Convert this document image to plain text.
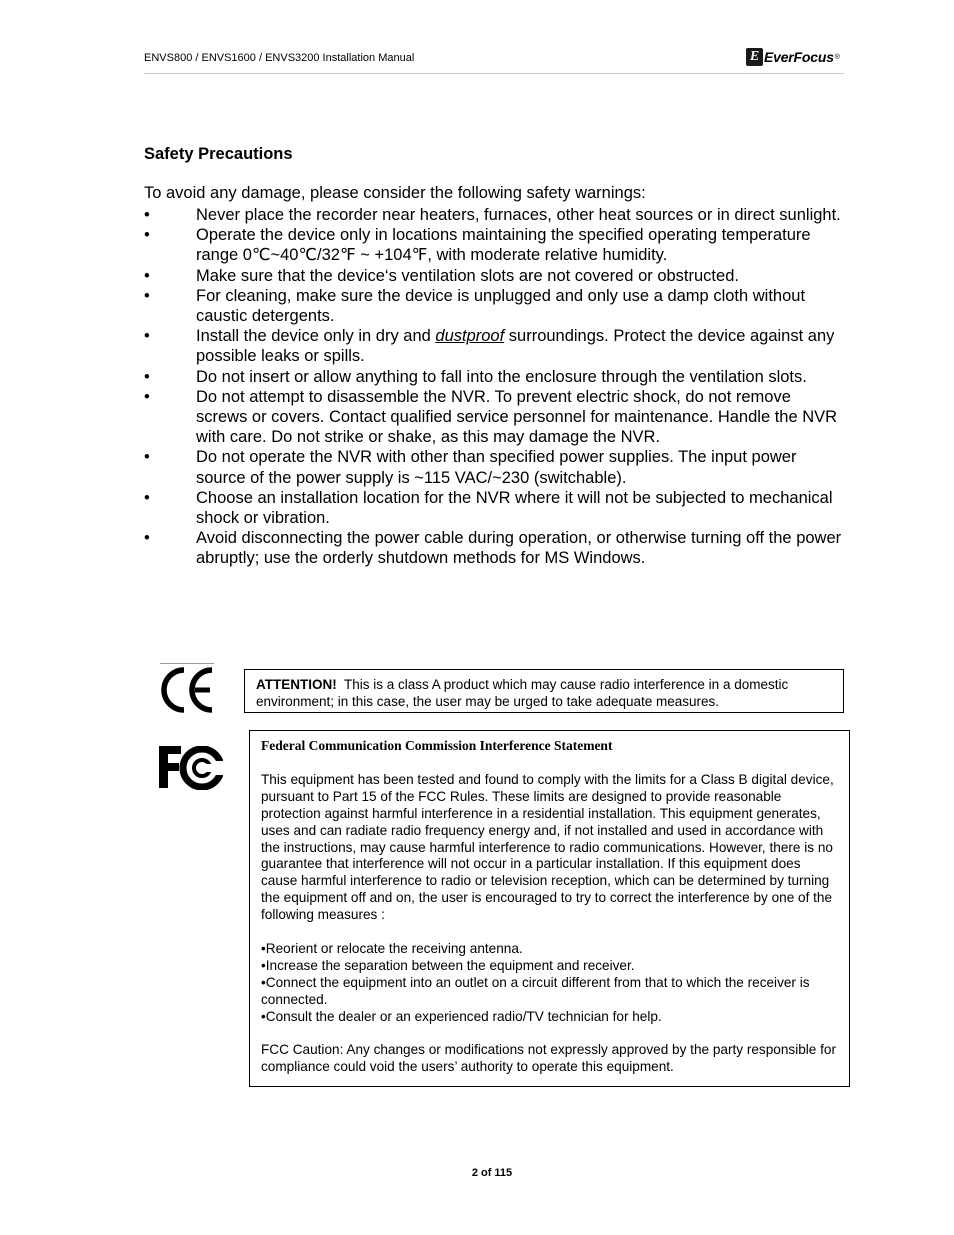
ENVS800 / ENVS1600 / ENVS3200 Installation Manual	E EverFocus ®
Safety Precautions
To avoid any damage, please consider the following safety warnings:
•	Never place the recorder near heaters, furnaces, other heat sources or in direct sunlight.
•	Operate the device only in locations maintaining the specified operating temperature range 0℃~40℃/32℉ ~ +104℉, with moderate relative humidity.
•	Make sure that the device‘s ventilation slots are not covered or obstructed.
•	For cleaning, make sure the device is unplugged and only use a damp cloth without caustic detergents.
•	Install the device only in dry and dustproof surroundings. Protect the device against any possible leaks or spills.
•	Do not insert or allow anything to fall into the enclosure through the ventilation slots.
•	Do not attempt to disassemble the NVR. To prevent electric shock, do not remove screws or covers. Contact qualified service personnel for maintenance. Handle the NVR with care. Do not strike or shake, as this may damage the NVR.
•	Do not operate the NVR with other than specified power supplies. The input power source of the power supply is ~115 VAC/~230 (switchable).
•	Choose an installation location for the NVR where it will not be subjected to mechanical shock or vibration.
•	Avoid disconnecting the power cable during operation, or otherwise turning off the power abruptly; use the orderly shutdown methods for MS Windows.
ATTENTION! This is a class A product which may cause radio interference in a domestic environment; in this case, the user may be urged to take adequate measures.
Federal Communication Commission Interference Statement

This equipment has been tested and found to comply with the limits for a Class B digital device, pursuant to Part 15 of the FCC Rules. These limits are designed to provide reasonable protection against harmful interference in a residential installation. This equipment generates, uses and can radiate radio frequency energy and, if not installed and used in accordance with the instructions, may cause harmful interference to radio communications. However, there is no guarantee that interference will not occur in a particular installation. If this equipment does cause harmful interference to radio or television reception, which can be determined by turning the equipment off and on, the user is encouraged to try to correct the interference by one of the following measures :

•Reorient or relocate the receiving antenna.
•Increase the separation between the equipment and receiver.
•Connect the equipment into an outlet on a circuit different from that to which the receiver is connected.
•Consult the dealer or an experienced radio/TV technician for help.

FCC Caution: Any changes or modifications not expressly approved by the party responsible for compliance could void the users’ authority to operate this equipment.

2 of 115
